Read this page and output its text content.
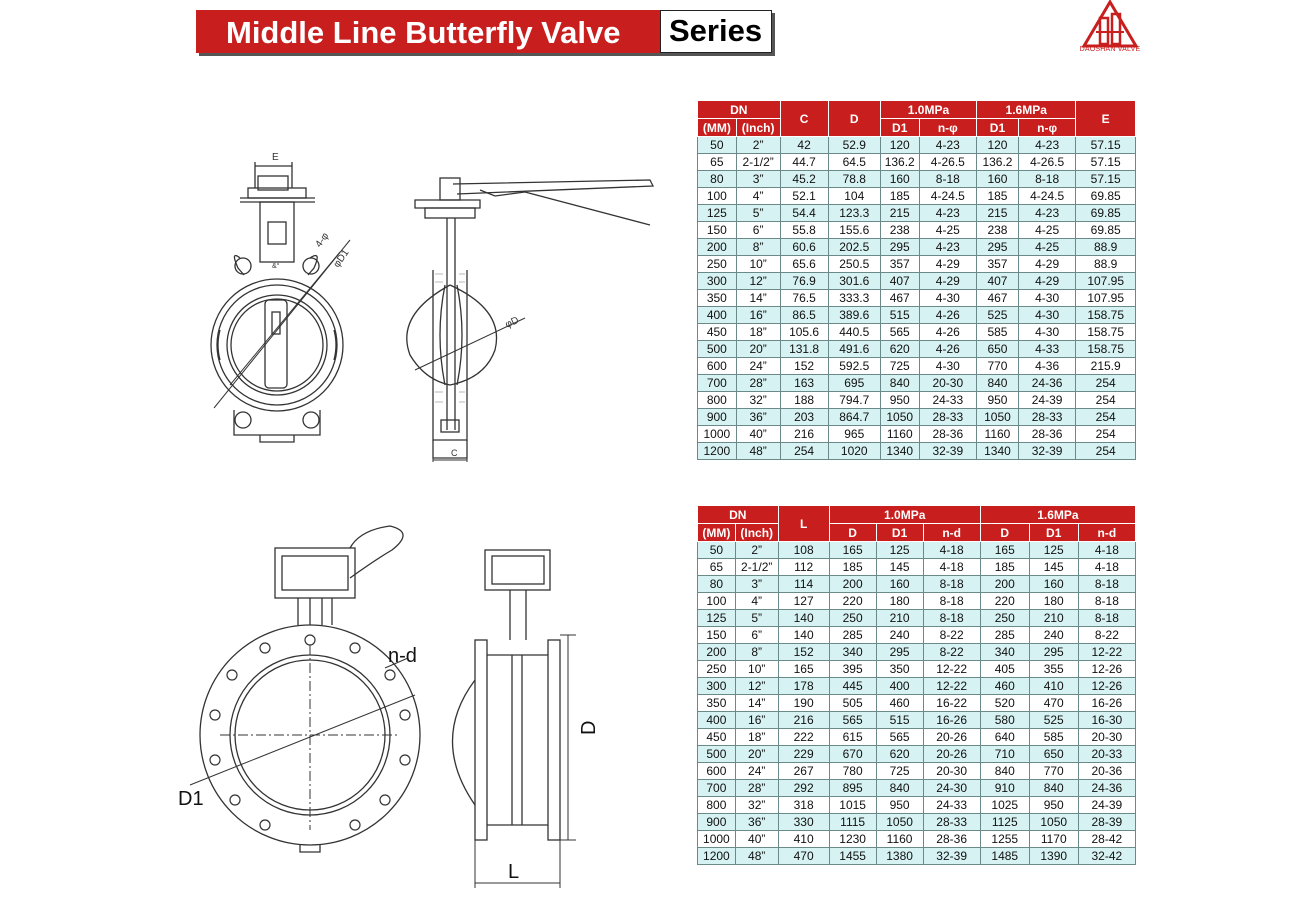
Middle Line Butterfly Valve Series
DAOSHAN VALVE
E
4-φ
φD1
&°
φD
C
n-d
D1
D
L
DN		C	D	1.0MPa		1.6MPa		E
(MM)	(Inch)			D1	n-φ	D1	n-φ	
50	2”	42	52.9	120	4-23	120	4-23	57.15
65	2-1/2”	44.7	64.5	136.2	4-26.5	136.2	4-26.5	57.15
80	3”	45.2	78.8	160	8-18	160	8-18	57.15
100	4”	52.1	104	185	4-24.5	185	4-24.5	69.85
125	5”	54.4	123.3	215	4-23	215	4-23	69.85
150	6”	55.8	155.6	238	4-25	238	4-25	69.85
200	8”	60.6	202.5	295	4-23	295	4-25	88.9
250	10”	65.6	250.5	357	4-29	357	4-29	88.9
300	12”	76.9	301.6	407	4-29	407	4-29	107.95
350	14”	76.5	333.3	467	4-30	467	4-30	107.95
400	16”	86.5	389.6	515	4-26	525	4-30	158.75
450	18”	105.6	440.5	565	4-26	585	4-30	158.75
500	20”	131.8	491.6	620	4-26	650	4-33	158.75
600	24”	152	592.5	725	4-30	770	4-36	215.9
700	28”	163	695	840	20-30	840	24-36	254
800	32”	188	794.7	950	24-33	950	24-39	254
900	36”	203	864.7	1050	28-33	1050	28-33	254
1000	40”	216	965	1160	28-36	1160	28-36	254
1200	48”	254	1020	1340	32-39	1340	32-39	254
DN		L	1.0MPa			1.6MPa		
(MM)	(Inch)		D	D1	n-d	D	D1	n-d
50	2”	108	165	125	4-18	165	125	4-18
65	2-1/2”	112	185	145	4-18	185	145	4-18
80	3”	114	200	160	8-18	200	160	8-18
100	4”	127	220	180	8-18	220	180	8-18
125	5”	140	250	210	8-18	250	210	8-18
150	6”	140	285	240	8-22	285	240	8-22
200	8”	152	340	295	8-22	340	295	12-22
250	10”	165	395	350	12-22	405	355	12-26
300	12”	178	445	400	12-22	460	410	12-26
350	14”	190	505	460	16-22	520	470	16-26
400	16”	216	565	515	16-26	580	525	16-30
450	18”	222	615	565	20-26	640	585	20-30
500	20”	229	670	620	20-26	710	650	20-33
600	24”	267	780	725	20-30	840	770	20-36
700	28”	292	895	840	24-30	910	840	24-36
800	32”	318	1015	950	24-33	1025	950	24-39
900	36”	330	1115	1050	28-33	1125	1050	28-39
1000	40”	410	1230	1160	28-36	1255	1170	28-42
1200	48”	470	1455	1380	32-39	1485	1390	32-42
